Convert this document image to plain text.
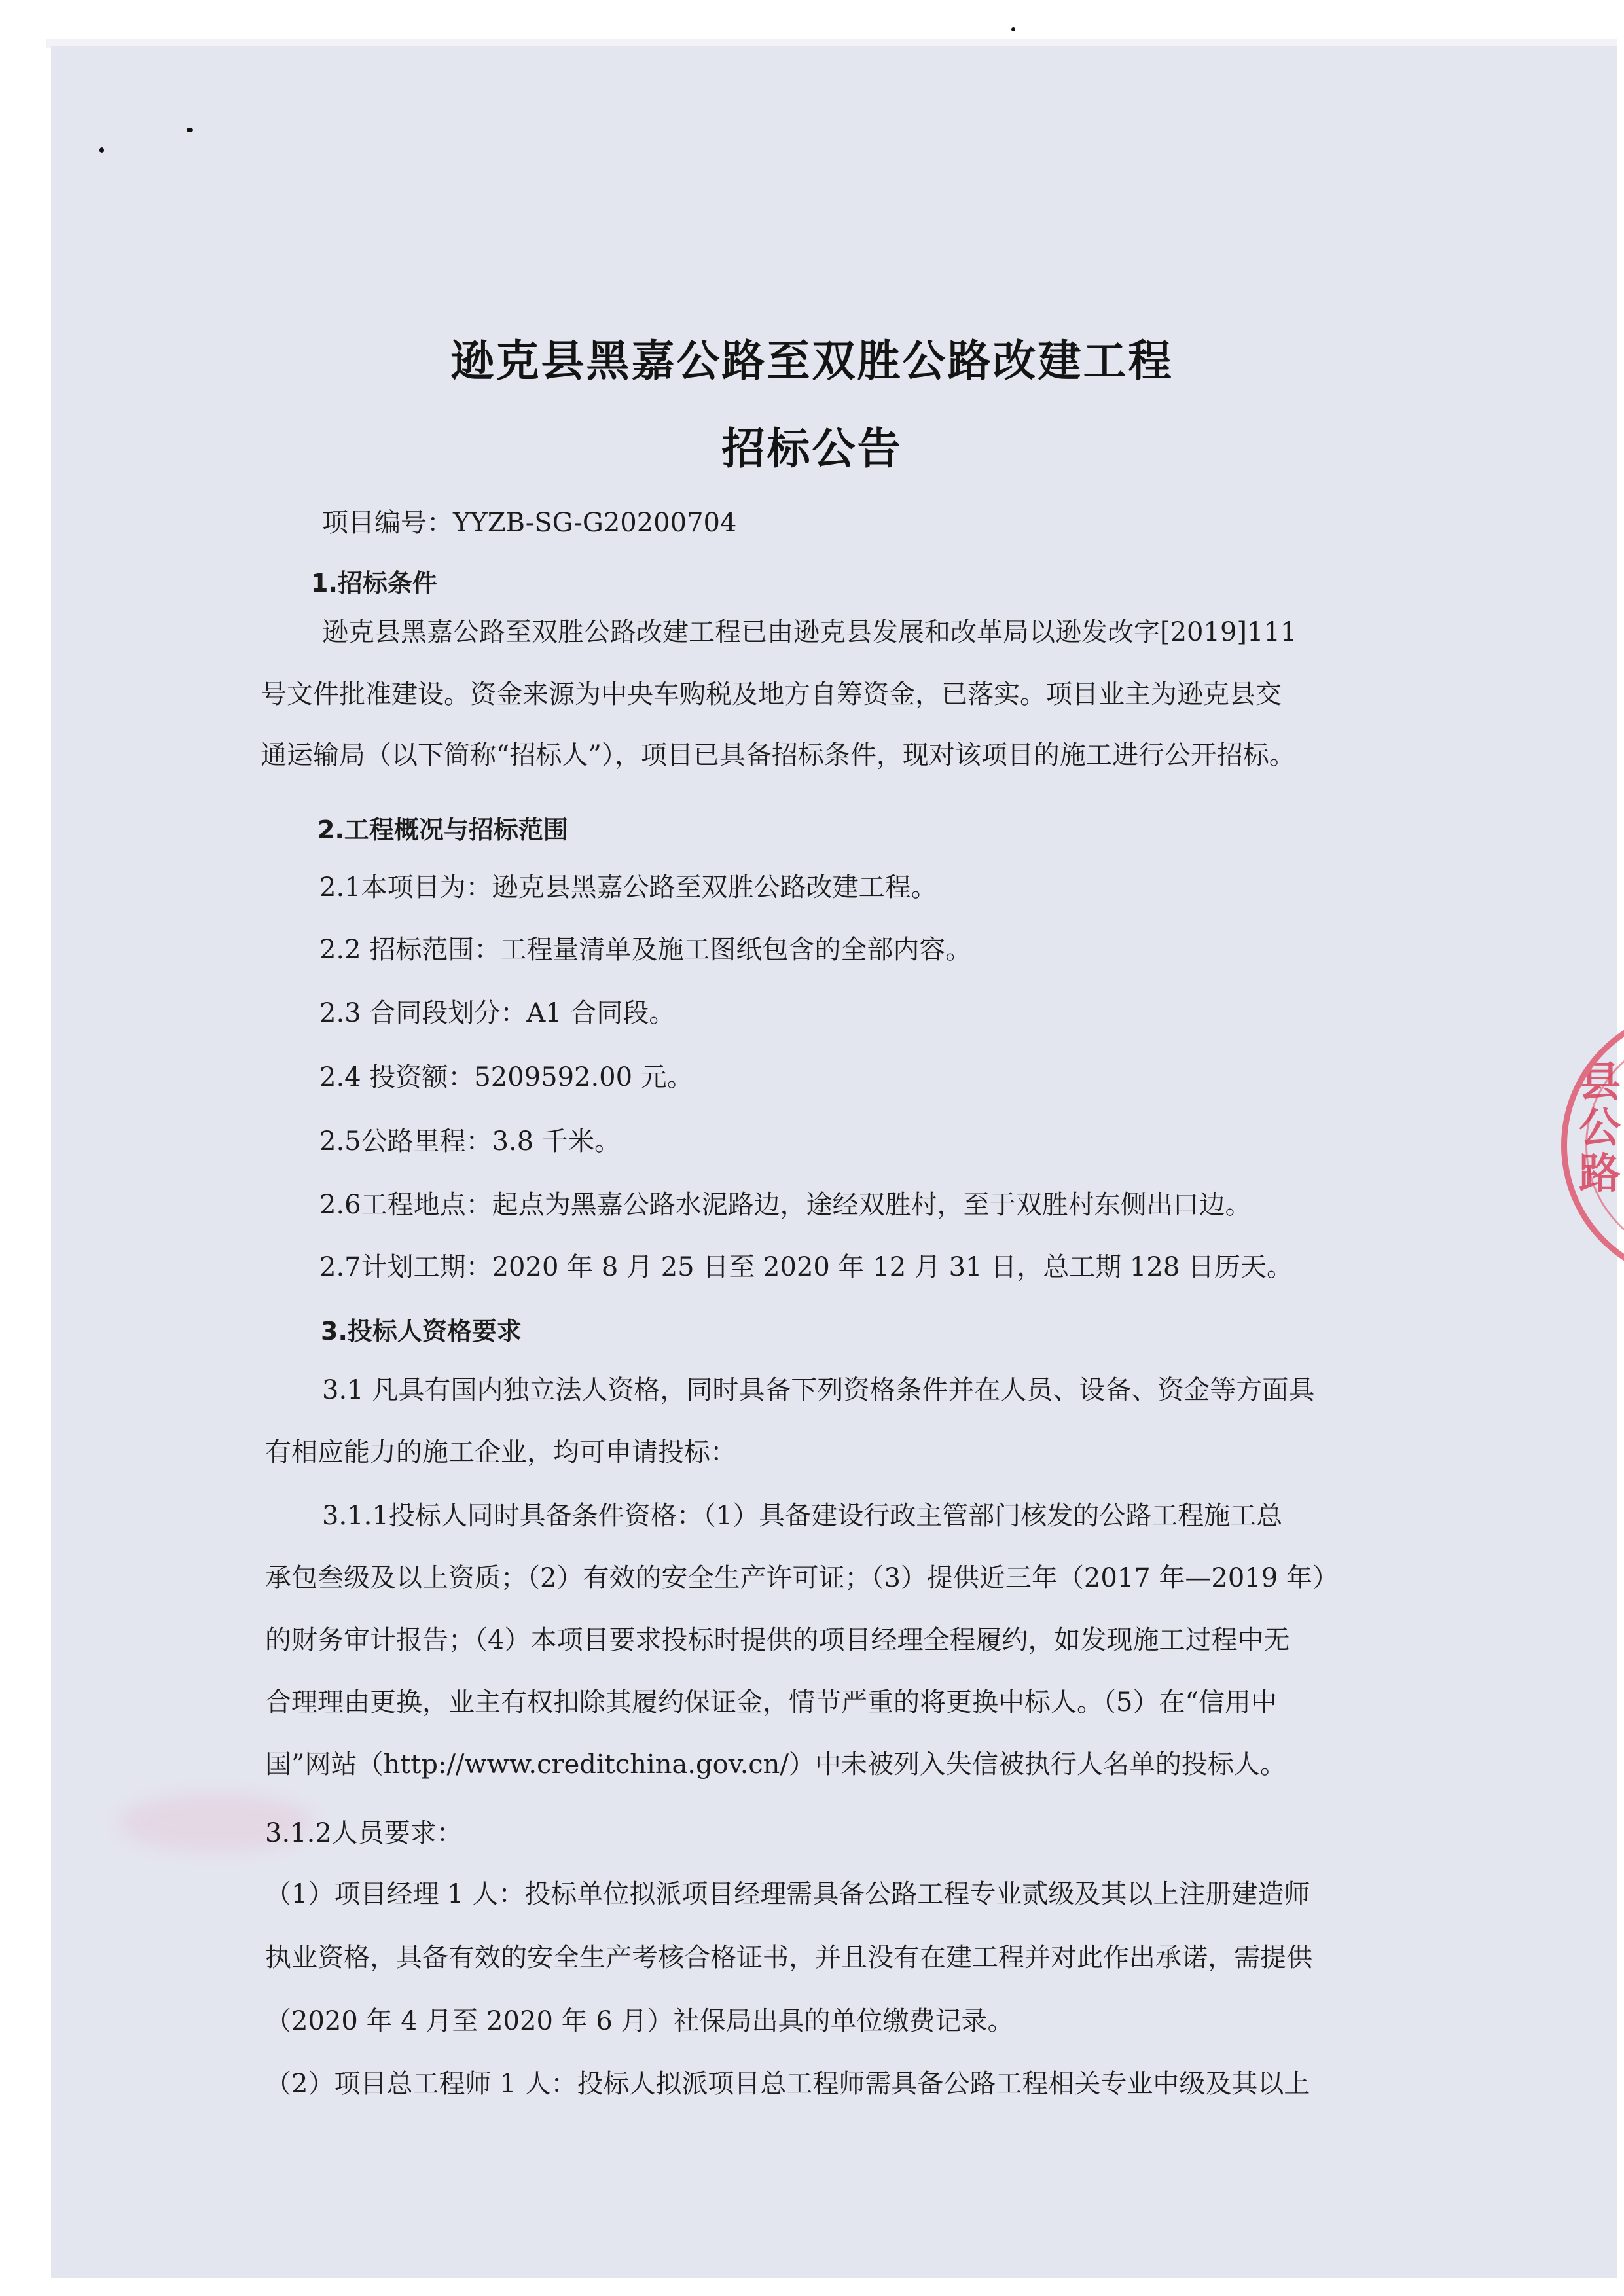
逊克县黑嘉公路至双胜公路改建工程
招标公告
项目编号：YYZB-SG-G20200704
1.招标条件
逊克县黑嘉公路至双胜公路改建工程已由逊克县发展和改革局以逊发改字[2019]111
号文件批准建设。资金来源为中央车购税及地方自筹资金，已落实。项目业主为逊克县交
通运输局（以下简称“招标人”），项目已具备招标条件，现对该项目的施工进行公开招标。
2.工程概况与招标范围
2.1本项目为：逊克县黑嘉公路至双胜公路改建工程。
2.2 招标范围：工程量清单及施工图纸包含的全部内容。
2.3 合同段划分：A1 合同段。
2.4 投资额：5209592.00 元。
2.5公路里程：3.8 千米。
2.6工程地点：起点为黑嘉公路水泥路边，途经双胜村，至于双胜村东侧出口边。
2.7计划工期：2020 年 8 月 25 日至 2020 年 12 月 31 日，总工期 128 日历天。
3.投标人资格要求
3.1 凡具有国内独立法人资格，同时具备下列资格条件并在人员、设备、资金等方面具
有相应能力的施工企业，均可申请投标：
3.1.1投标人同时具备条件资格：（1）具备建设行政主管部门核发的公路工程施工总
承包叁级及以上资质；（2）有效的安全生产许可证；（3）提供近三年（2017 年—2019 年）
的财务审计报告；（4）本项目要求投标时提供的项目经理全程履约，如发现施工过程中无
合理理由更换，业主有权扣除其履约保证金，情节严重的将更换中标人。（5）在“信用中
国”网站（http://www.creditchina.gov.cn/）中未被列入失信被执行人名单的投标人。
3.1.2人员要求：
（1）项目经理 1 人：投标单位拟派项目经理需具备公路工程专业贰级及其以上注册建造师
执业资格，具备有效的安全生产考核合格证书，并且没有在建工程并对此作出承诺，需提供
（2020 年 4 月至 2020 年 6 月）社保局出具的单位缴费记录。
（2）项目总工程师 1 人：投标人拟派项目总工程师需具备公路工程相关专业中级及其以上
县公路
